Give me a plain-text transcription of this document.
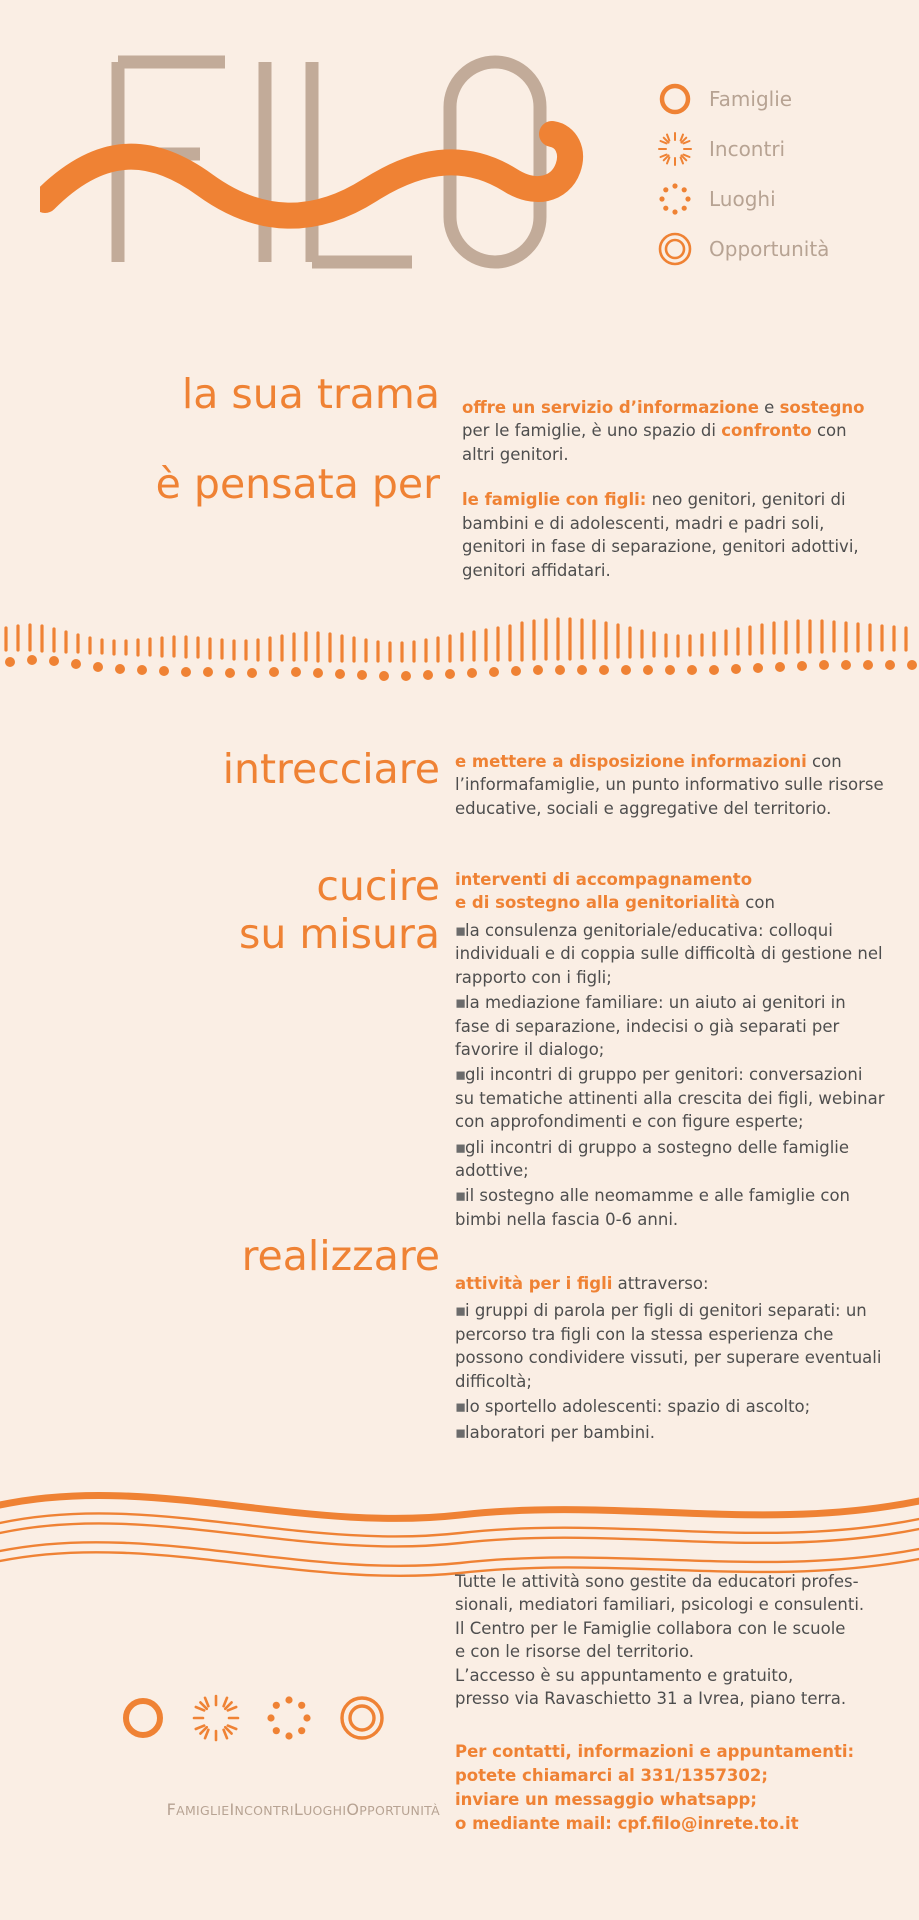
Famiglie
Incontri
Luoghi
Opportunità
la sua trama
è pensata per

offre un servizio d’informazione e sostegno per le famiglie, è uno spazio di confronto con altri genitori.

le famiglie con figli: neo genitori, genitori di bambini e di adolescenti, madri e padri soli, genitori in fase di separazione, genitori adottivi, genitori affidatari.

intrecciare e mettere a disposizione informazioni con l’informafamiglie, un punto informativo sulle risorse educative, sociali e aggregative del territorio.

cucire
su misura

interventi di accompagnamento
e di sostegno alla genitorialità con

▪la consulenza genitoriale/educativa: colloqui individuali e di coppia sulle difficoltà di gestione nel rapporto con i figli;

▪la mediazione familiare: un aiuto ai genitori in fase di separazione, indecisi o già separati per favorire il dialogo;

▪gli incontri di gruppo per genitori: conversazioni su tematiche attinenti alla crescita dei figli, webinar con approfondimenti e con figure esperte;

▪gli incontri di gruppo a sostegno delle famiglie adottive;

▪il sostegno alle neomamme e alle famiglie con bimbi nella fascia 0-6 anni.

realizzare

attività per i figli attraverso:

▪i gruppi di parola per figli di genitori separati: un percorso tra figli con la stessa esperienza che possono condividere vissuti, per superare eventuali difficoltà;

▪lo sportello adolescenti: spazio di ascolto;

▪laboratori per bambini.

Tutte le attività sono gestite da educatori profes-
sionali, mediatori familiari, psicologi e consulenti.
Il Centro per le Famiglie collabora con le scuole
e con le risorse del territorio.
L’accesso è su appuntamento e gratuito,
presso via Ravaschietto 31 a Ivrea, piano terra.
Per contatti, informazioni e appuntamenti:
potete chiamarci al 331/1357302;
inviare un messaggio whatsapp;
o mediante mail: cpf.filo@inrete.to.it
FAMIGLIEINCONTRILUOGHIOPPORTUNITÀ
